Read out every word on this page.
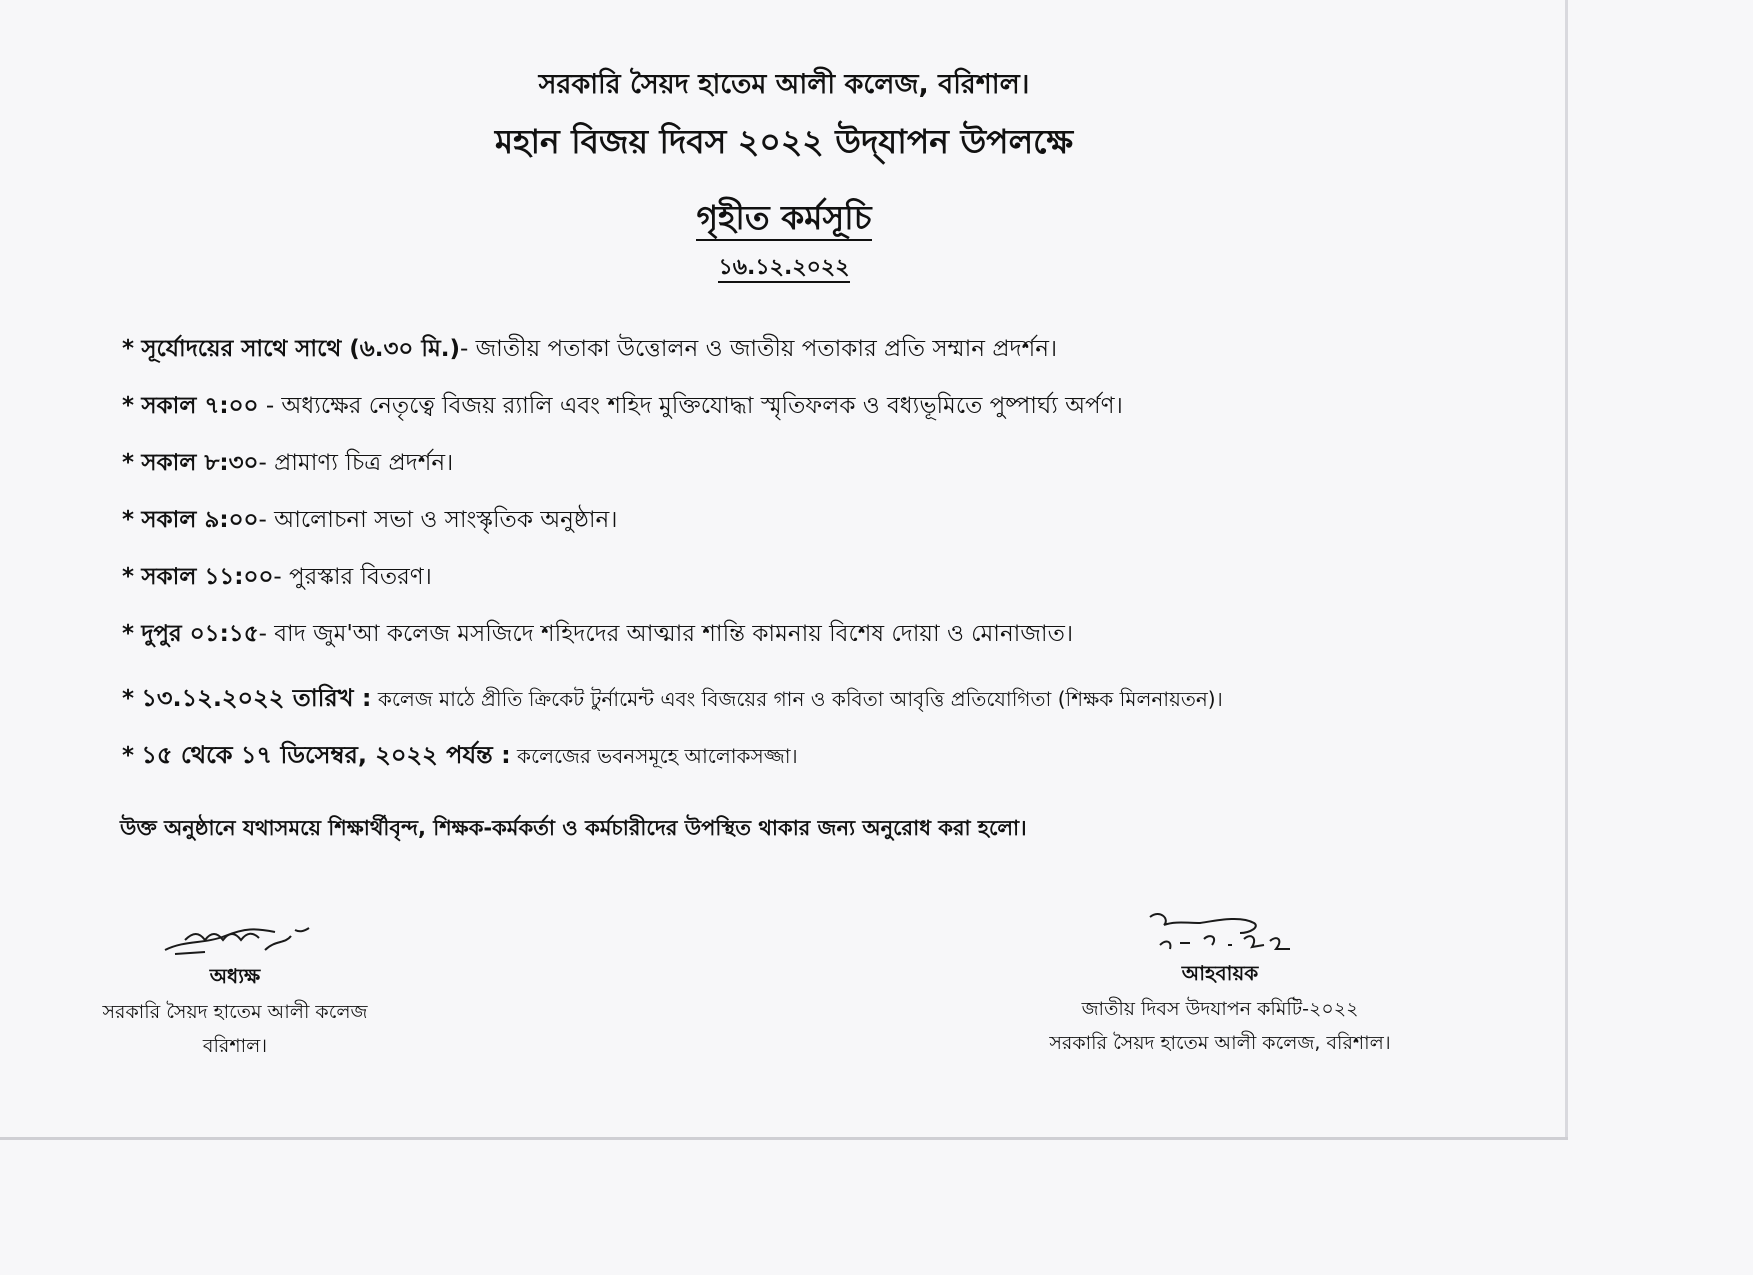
সরকারি সৈয়দ হাতেম আলী কলেজ, বরিশাল।
মহান বিজয় দিবস ২০২২ উদ্‌যাপন উপলক্ষে
গৃহীত কর্মসূচি
১৬.১২.২০২২
* সূর্যোদয়ের সাথে সাথে (৬.৩০ মি.)- জাতীয় পতাকা উত্তোলন ও জাতীয় পতাকার প্রতি সম্মান প্রদর্শন।
* সকাল ৭:০০ - অধ্যক্ষের নেতৃত্বে বিজয় র‍্যালি এবং শহিদ মুক্তিযোদ্ধা স্মৃতিফলক ও বধ্যভূমিতে পুষ্পার্ঘ্য অর্পণ।
* সকাল ৮:৩০- প্রামাণ্য চিত্র প্রদর্শন।
* সকাল ৯:০০- আলোচনা সভা ও সাংস্কৃতিক অনুষ্ঠান।
* সকাল ১১:০০- পুরস্কার বিতরণ।
* দুপুর ০১:১৫- বাদ জুম'আ কলেজ মসজিদে শহিদদের আত্মার শান্তি কামনায় বিশেষ দোয়া ও মোনাজাত।
* ১৩.১২.২০২২ তারিখ : কলেজ মাঠে প্রীতি ক্রিকেট টুর্নামেন্ট এবং বিজয়ের গান ও কবিতা আবৃত্তি প্রতিযোগিতা (শিক্ষক মিলনায়তন)।
* ১৫ থেকে ১৭ ডিসেম্বর, ২০২২ পর্যন্ত : কলেজের ভবনসমূহে আলোকসজ্জা।
উক্ত অনুষ্ঠানে যথাসময়ে শিক্ষার্থীবৃন্দ, শিক্ষক-কর্মকর্তা ও কর্মচারীদের উপস্থিত থাকার জন্য অনুরোধ করা হলো।
অধ্যক্ষ
সরকারি সৈয়দ হাতেম আলী কলেজ
বরিশাল।
আহবায়ক
জাতীয় দিবস উদযাপন কমিটি-২০২২
সরকারি সৈয়দ হাতেম আলী কলেজ, বরিশাল।
